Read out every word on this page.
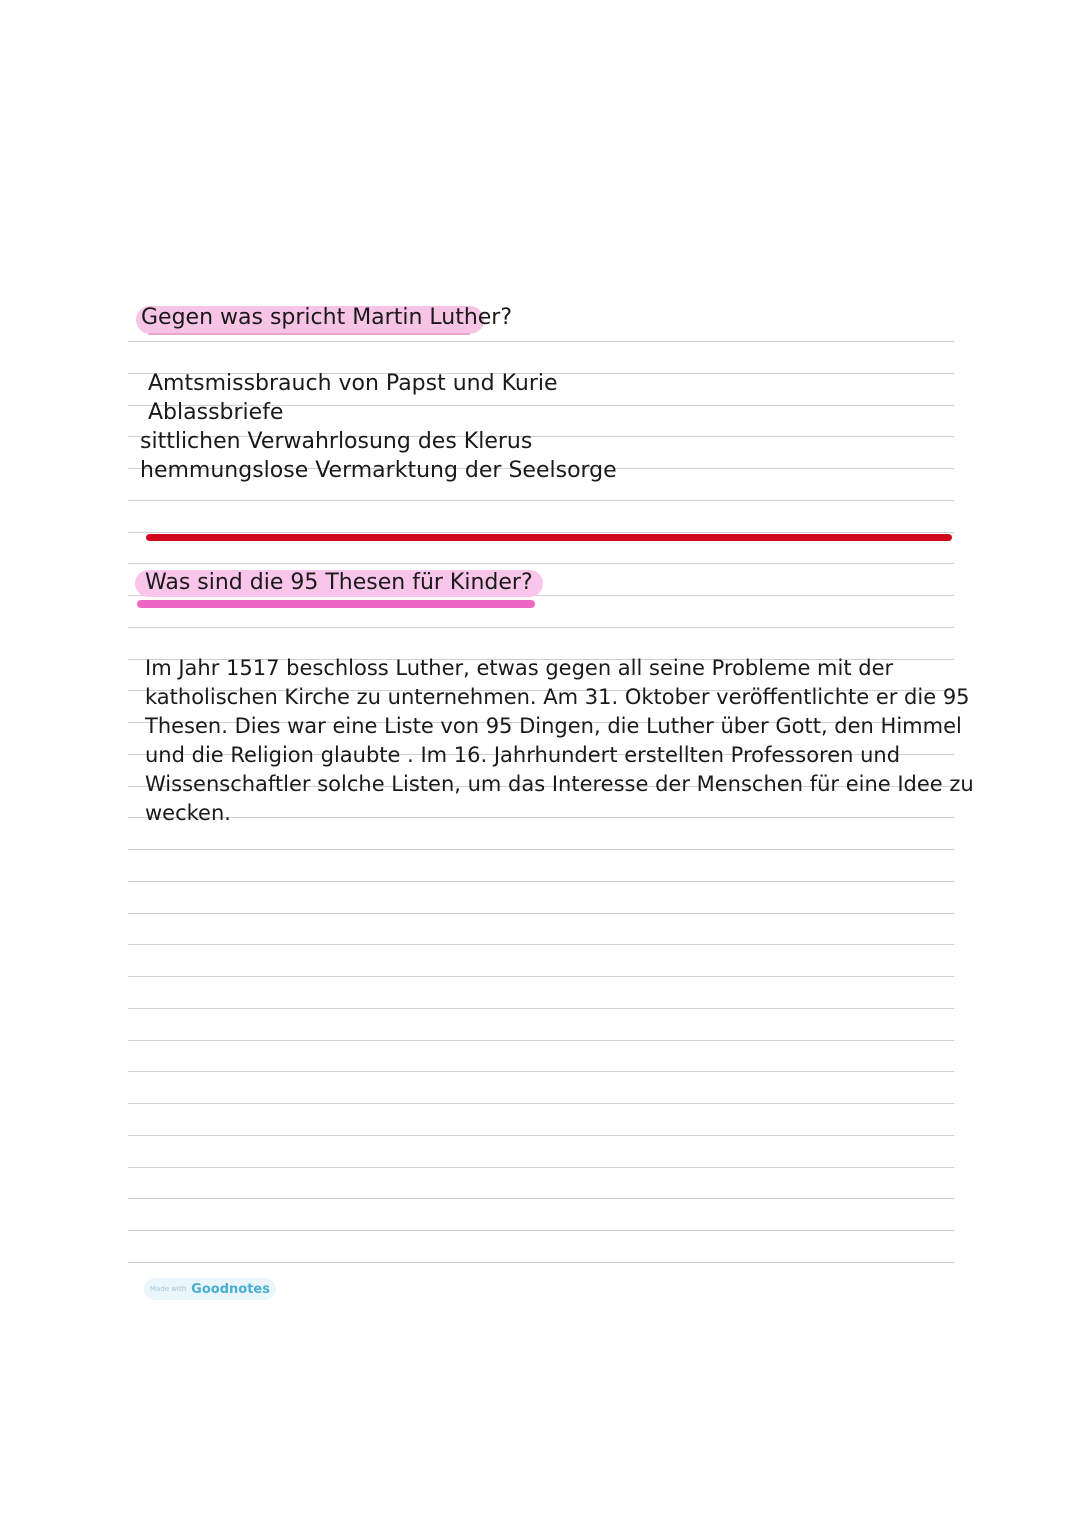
Gegen was spricht Martin Luther?
Amtsmissbrauch von Papst und Kurie
Ablassbriefe
sittlichen Verwahrlosung des Klerus
hemmungslose Vermarktung der Seelsorge
Was sind die 95 Thesen für Kinder?

Im Jahr 1517 beschloss Luther, etwas gegen all seine Probleme mit der
katholischen Kirche zu unternehmen. Am 31. Oktober veröffentlichte er die 95
Thesen. Dies war eine Liste von 95 Dingen, die Luther über Gott, den Himmel
und die Religion glaubte . Im 16. Jahrhundert erstellten Professoren und
Wissenschaftler solche Listen, um das Interesse der Menschen für eine Idee zu
wecken.

Made with Goodnotes
